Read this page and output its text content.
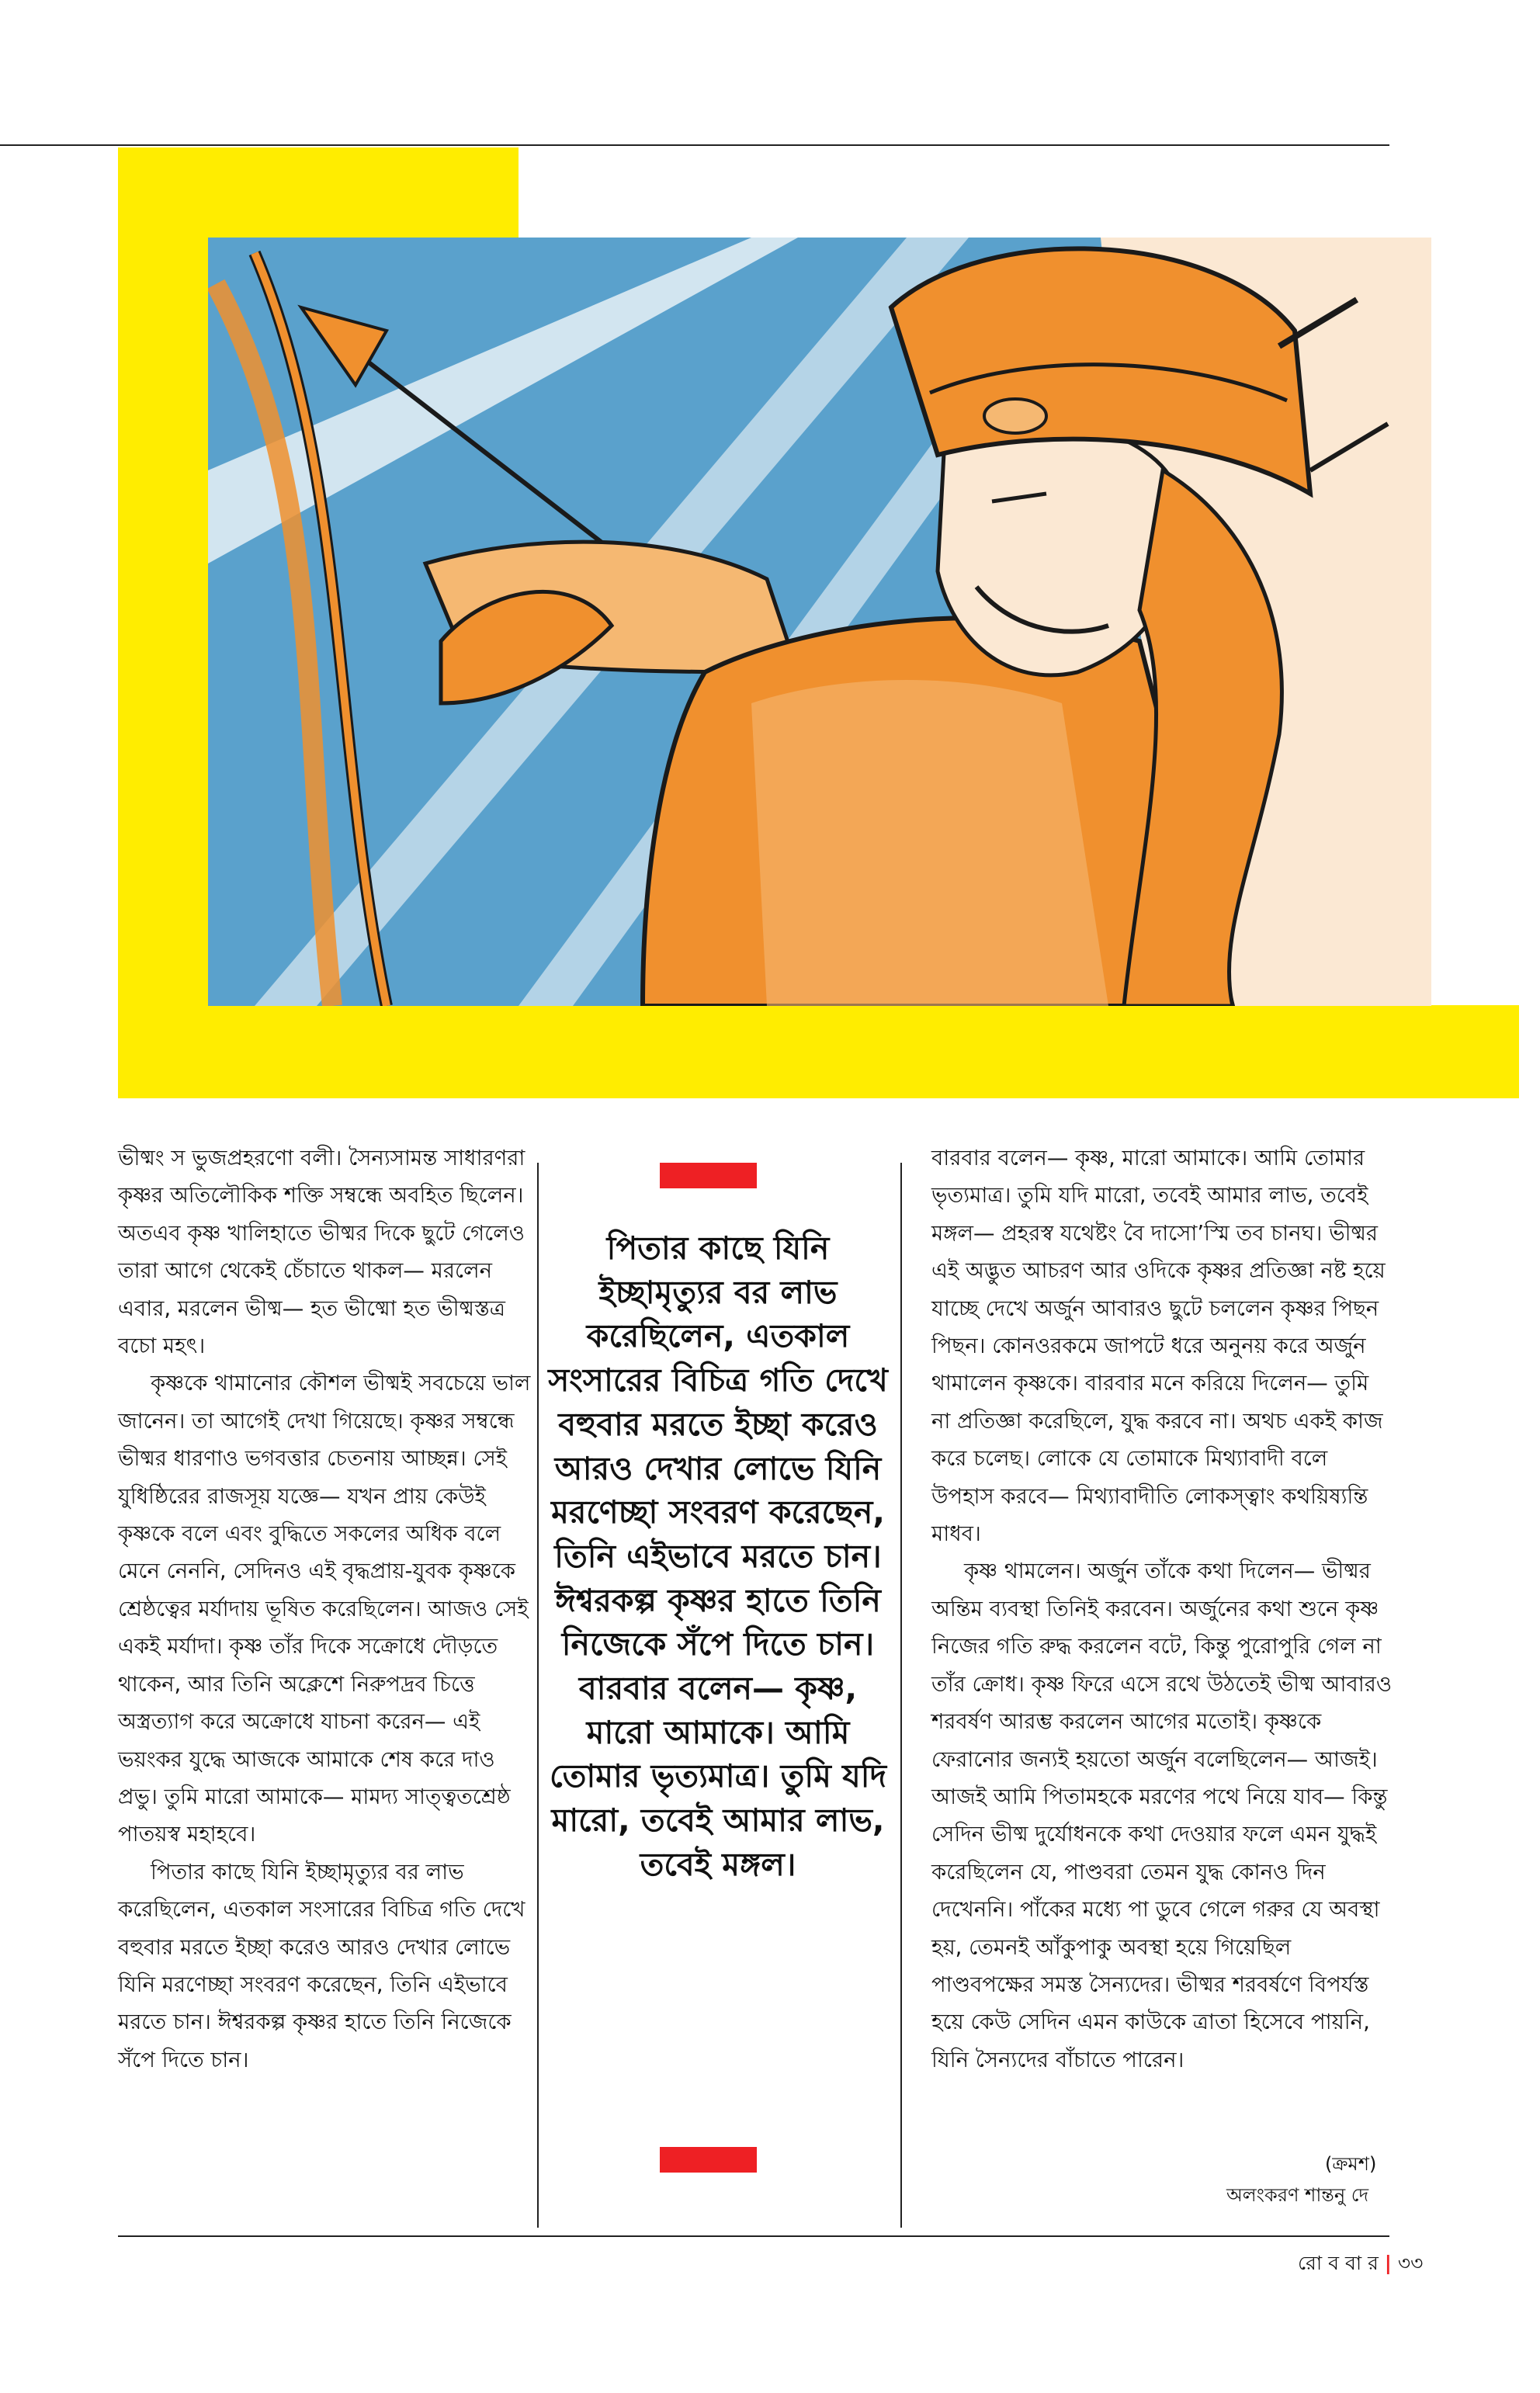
ভীষ্মং স ভুজপ্রহরণো বলী। সৈন্যসামন্ত সাধারণরা কৃষ্ণর অতিলৌকিক শক্তি সম্বন্ধে অবহিত ছিলেন। অতএব কৃষ্ণ খালিহাতে ভীষ্মর দিকে ছুটে গেলেও তারা আগে থেকেই চেঁচাতে থাকল— মরলেন এবার, মরলেন ভীষ্ম— হত ভীষ্মো হত ভীষ্মস্তত্র বচো মহৎ।

কৃষ্ণকে থামানোর কৌশল ভীষ্মই সবচেয়ে ভাল জানেন। তা আগেই দেখা গিয়েছে। কৃষ্ণর সম্বন্ধে ভীষ্মর ধারণাও ভগবত্তার চেতনায় আচ্ছন্ন। সেই যুধিষ্ঠিরের রাজসূয় যজ্ঞে— যখন প্রায় কেউই কৃষ্ণকে বলে এবং বুদ্ধিতে সকলের অধিক বলে মেনে নেননি, সেদিনও এই বৃদ্ধপ্রায়-যুবক কৃষ্ণকে শ্রেষ্ঠত্বের মর্যাদায় ভূষিত করেছিলেন। আজও সেই একই মর্যাদা। কৃষ্ণ তাঁর দিকে সক্রোধে দৌড়তে থাকেন, আর তিনি অক্লেশে নিরুপদ্রব চিত্তে অস্ত্রত্যাগ করে অক্রোধে যাচনা করেন— এই ভয়ংকর যুদ্ধে আজকে আমাকে শেষ করে দাও প্রভু। তুমি মারো আমাকে— মামদ্য সাত্ত্বতশ্রেষ্ঠ পাতয়স্ব মহাহবে।

পিতার কাছে যিনি ইচ্ছামৃত্যুর বর লাভ করেছিলেন, এতকাল সংসারের বিচিত্র গতি দেখে বহুবার মরতে ইচ্ছা করেও আরও দেখার লোভে যিনি মরণেচ্ছা সংবরণ করেছেন, তিনি এইভাবে মরতে চান। ঈশ্বরকল্প কৃষ্ণর হাতে তিনি নিজেকে সঁপে দিতে চান।

পিতার কাছে যিনি ইচ্ছামৃত্যুর বর লাভ করেছিলেন, এতকাল সংসারের বিচিত্র গতি দেখে বহুবার মরতে ইচ্ছা করেও আরও দেখার লোভে যিনি মরণেচ্ছা সংবরণ করেছেন, তিনি এইভাবে মরতে চান। ঈশ্বরকল্প কৃষ্ণর হাতে তিনি নিজেকে সঁপে দিতে চান। বারবার বলেন— কৃষ্ণ, মারো আমাকে। আমি তোমার ভৃত্যমাত্র। তুমি যদি মারো, তবেই আমার লাভ, তবেই মঙ্গল।

বারবার বলেন— কৃষ্ণ, মারো আমাকে। আমি তোমার ভৃত্যমাত্র। তুমি যদি মারো, তবেই আমার লাভ, তবেই মঙ্গল— প্রহরস্ব যথেষ্টং বৈ দাসো’স্মি তব চানঘ। ভীষ্মর এই অদ্ভুত আচরণ আর ওদিকে কৃষ্ণর প্রতিজ্ঞা নষ্ট হয়ে যাচ্ছে দেখে অর্জুন আবারও ছুটে চললেন কৃষ্ণর পিছন পিছন। কোনওরকমে জাপটে ধরে অনুনয় করে অর্জুন থামালেন কৃষ্ণকে। বারবার মনে করিয়ে দিলেন— তুমি না প্রতিজ্ঞা করেছিলে, যুদ্ধ করবে না। অথচ একই কাজ করে চলেছ। লোকে যে তোমাকে মিথ্যাবাদী বলে উপহাস করবে— মিথ্যাবাদীতি লোকস্ত্বাং কথয়িষ্যন্তি মাধব।

কৃষ্ণ থামলেন। অর্জুন তাঁকে কথা দিলেন— ভীষ্মর অন্তিম ব্যবস্থা তিনিই করবেন। অর্জুনের কথা শুনে কৃষ্ণ নিজের গতি রুদ্ধ করলেন বটে, কিন্তু পুরোপুরি গেল না তাঁর ক্রোধ। কৃষ্ণ ফিরে এসে রথে উঠতেই ভীষ্ম আবারও শরবর্ষণ আরম্ভ করলেন আগের মতোই। কৃষ্ণকে ফেরানোর জন্যই হয়তো অর্জুন বলেছিলেন— আজই। আজই আমি পিতামহকে মরণের পথে নিয়ে যাব— কিন্তু সেদিন ভীষ্ম দুর্যোধনকে কথা দেওয়ার ফলে এমন যুদ্ধই করেছিলেন যে, পাণ্ডবরা তেমন যুদ্ধ কোনও দিন দেখেননি। পাঁকের মধ্যে পা ডুবে গেলে গরুর যে অবস্থা হয়, তেমনই আঁকুপাকু অবস্থা হয়ে গিয়েছিল পাণ্ডবপক্ষের সমস্ত সৈন্যদের। ভীষ্মর শরবর্ষণে বিপর্যস্ত হয়ে কেউ সেদিন এমন কাউকে ত্রাতা হিসেবে পায়নি, যিনি সৈন্যদের বাঁচাতে পারেন।

(ক্রমশ)
অলংকরণ শান্তনু দে
রো ব বা র | ৩৩
